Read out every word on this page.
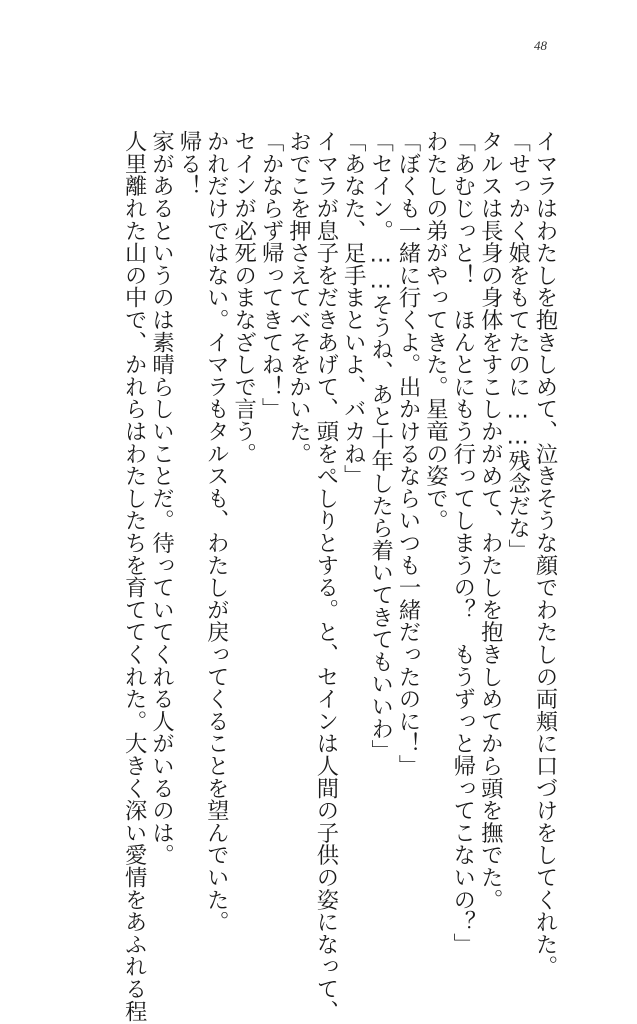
48

イマラはわたしを抱きしめて、泣きそうな顔でわたしの両頬に口づけをしてくれた。

「せっかく娘をもてたのに……残念だな」

タルスは長身の身体をすこしかがめて、わたしを抱きしめてから頭を撫でた。

「あむじっと！　ほんとにもう行ってしまうの？　もうずっと帰ってこないの？」

わたしの弟がやってきた。星竜の姿で。

「ぼくも一緒に行くよ。出かけるならいつも一緒だったのに！」

「セイン。……そうね、あと十年したら着いてきてもいいわ」

「あなた、足手まといよ、バカね」

イマラが息子をだきあげて、頭をぺしりとする。と、セインは人間の子供の姿になって、

おでこを押さえてべそをかいた。

「かならず帰ってきてね！」

セインが必死のまなざしで言う。

かれだけではない。イマラもタルスも、わたしが戻ってくることを望んでいた。

帰る！

家があるというのは素晴らしいことだ。待っていてくれる人がいるのは。

人里離れた山の中で、かれらはわたしたちを育ててくれた。大きく深い愛情をあふれる程
